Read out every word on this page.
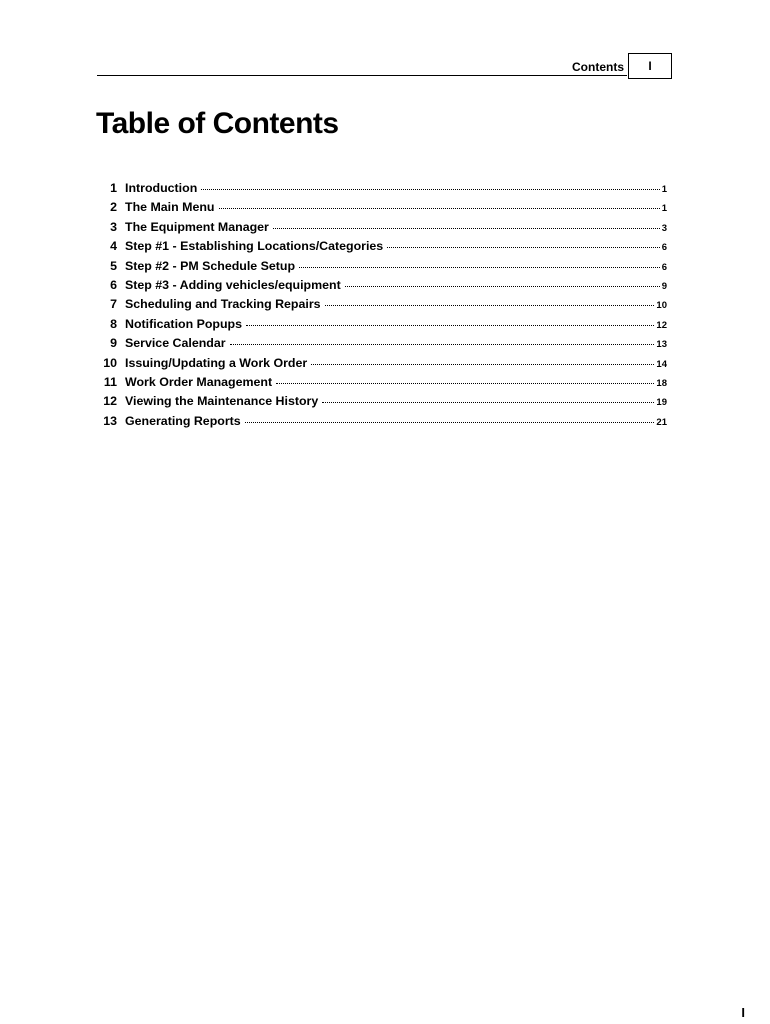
Contents	I
Table of Contents
1 Introduction	1
2 The Main Menu	1
3 The Equipment Manager	3
4 Step #1 - Establishing Locations/Categories	6
5 Step #2 - PM Schedule Setup	6
6 Step #3 - Adding vehicles/equipment	9
7 Scheduling and Tracking Repairs	10
8 Notification Popups	12
9 Service Calendar	13
10 Issuing/Updating a Work Order	14
11 Work Order Management	18
12 Viewing the Maintenance History	19
13 Generating Reports	21
I
